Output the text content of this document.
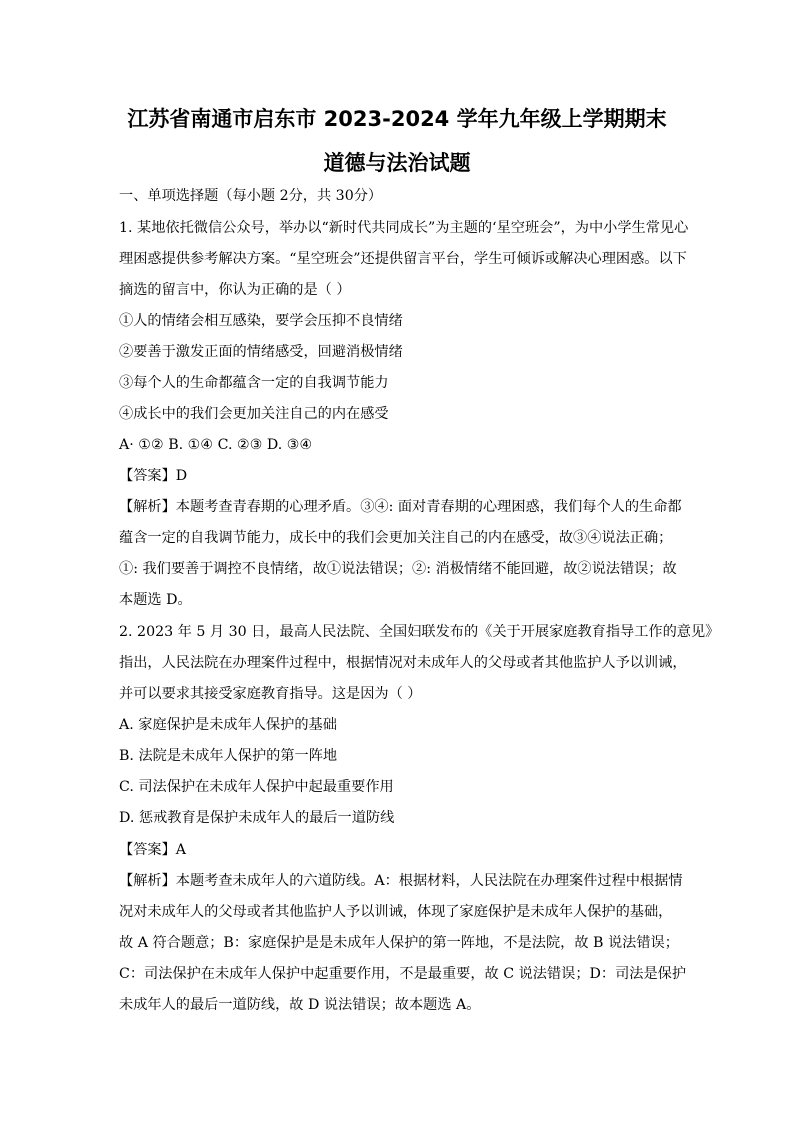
江苏省南通市启东市 2023-2024 学年九年级上学期期末
道德与法治试题
一、单项选择题（每小题 2分，共 30分）
1. 某地依托微信公众号，举办以“新时代共同成长”为主题的‘星空班会”，为中小学生常见心
理困惑提供参考解决方案。“星空班会”还提供留言平台，学生可倾诉或解决心理困惑。以下
摘选的留言中，你认为正确的是（ ）
①人的情绪会相互感染，要学会压抑不良情绪
②要善于激发正面的情绪感受，回避消极情绪
③每个人的生命都蕴含一定的自我调节能力
④成长中的我们会更加关注自己的内在感受
A· ①② B. ①④ C. ②③ D. ③④
【答案】D
【解析】本题考查青春期的心理矛盾。③④: 面对青春期的心理困惑，我们每个人的生命都
蕴含一定的自我调节能力，成长中的我们会更加关注自己的内在感受，故③④说法正确；
①: 我们要善于调控不良情绪，故①说法错误；②: 消极情绪不能回避，故②说法错误；故
本题选 D。
2. 2023 年 5 月 30 日，最高人民法院、全国妇联发布的《关于开展家庭教育指导工作的意见》
指出，人民法院在办理案件过程中，根据情况对未成年人的父母或者其他监护人予以训诫，
并可以要求其接受家庭教育指导。这是因为（ ）
A. 家庭保护是未成年人保护的基础
B. 法院是未成年人保护的第一阵地
C. 司法保护在未成年人保护中起最重要作用
D. 惩戒教育是保护未成年人的最后一道防线
【答案】A
【解析】本题考查未成年人的六道防线。A：根据材料，人民法院在办理案件过程中根据情
况对未成年人的父母或者其他监护人予以训诫，体现了家庭保护是未成年人保护的基础，
故 A 符合题意；B：家庭保护是是未成年人保护的第一阵地，不是法院，故 B 说法错误；
C：司法保护在未成年人保护中起重要作用，不是最重要，故 C 说法错误；D：司法是保护
未成年人的最后一道防线，故 D 说法错误；故本题选 A。
